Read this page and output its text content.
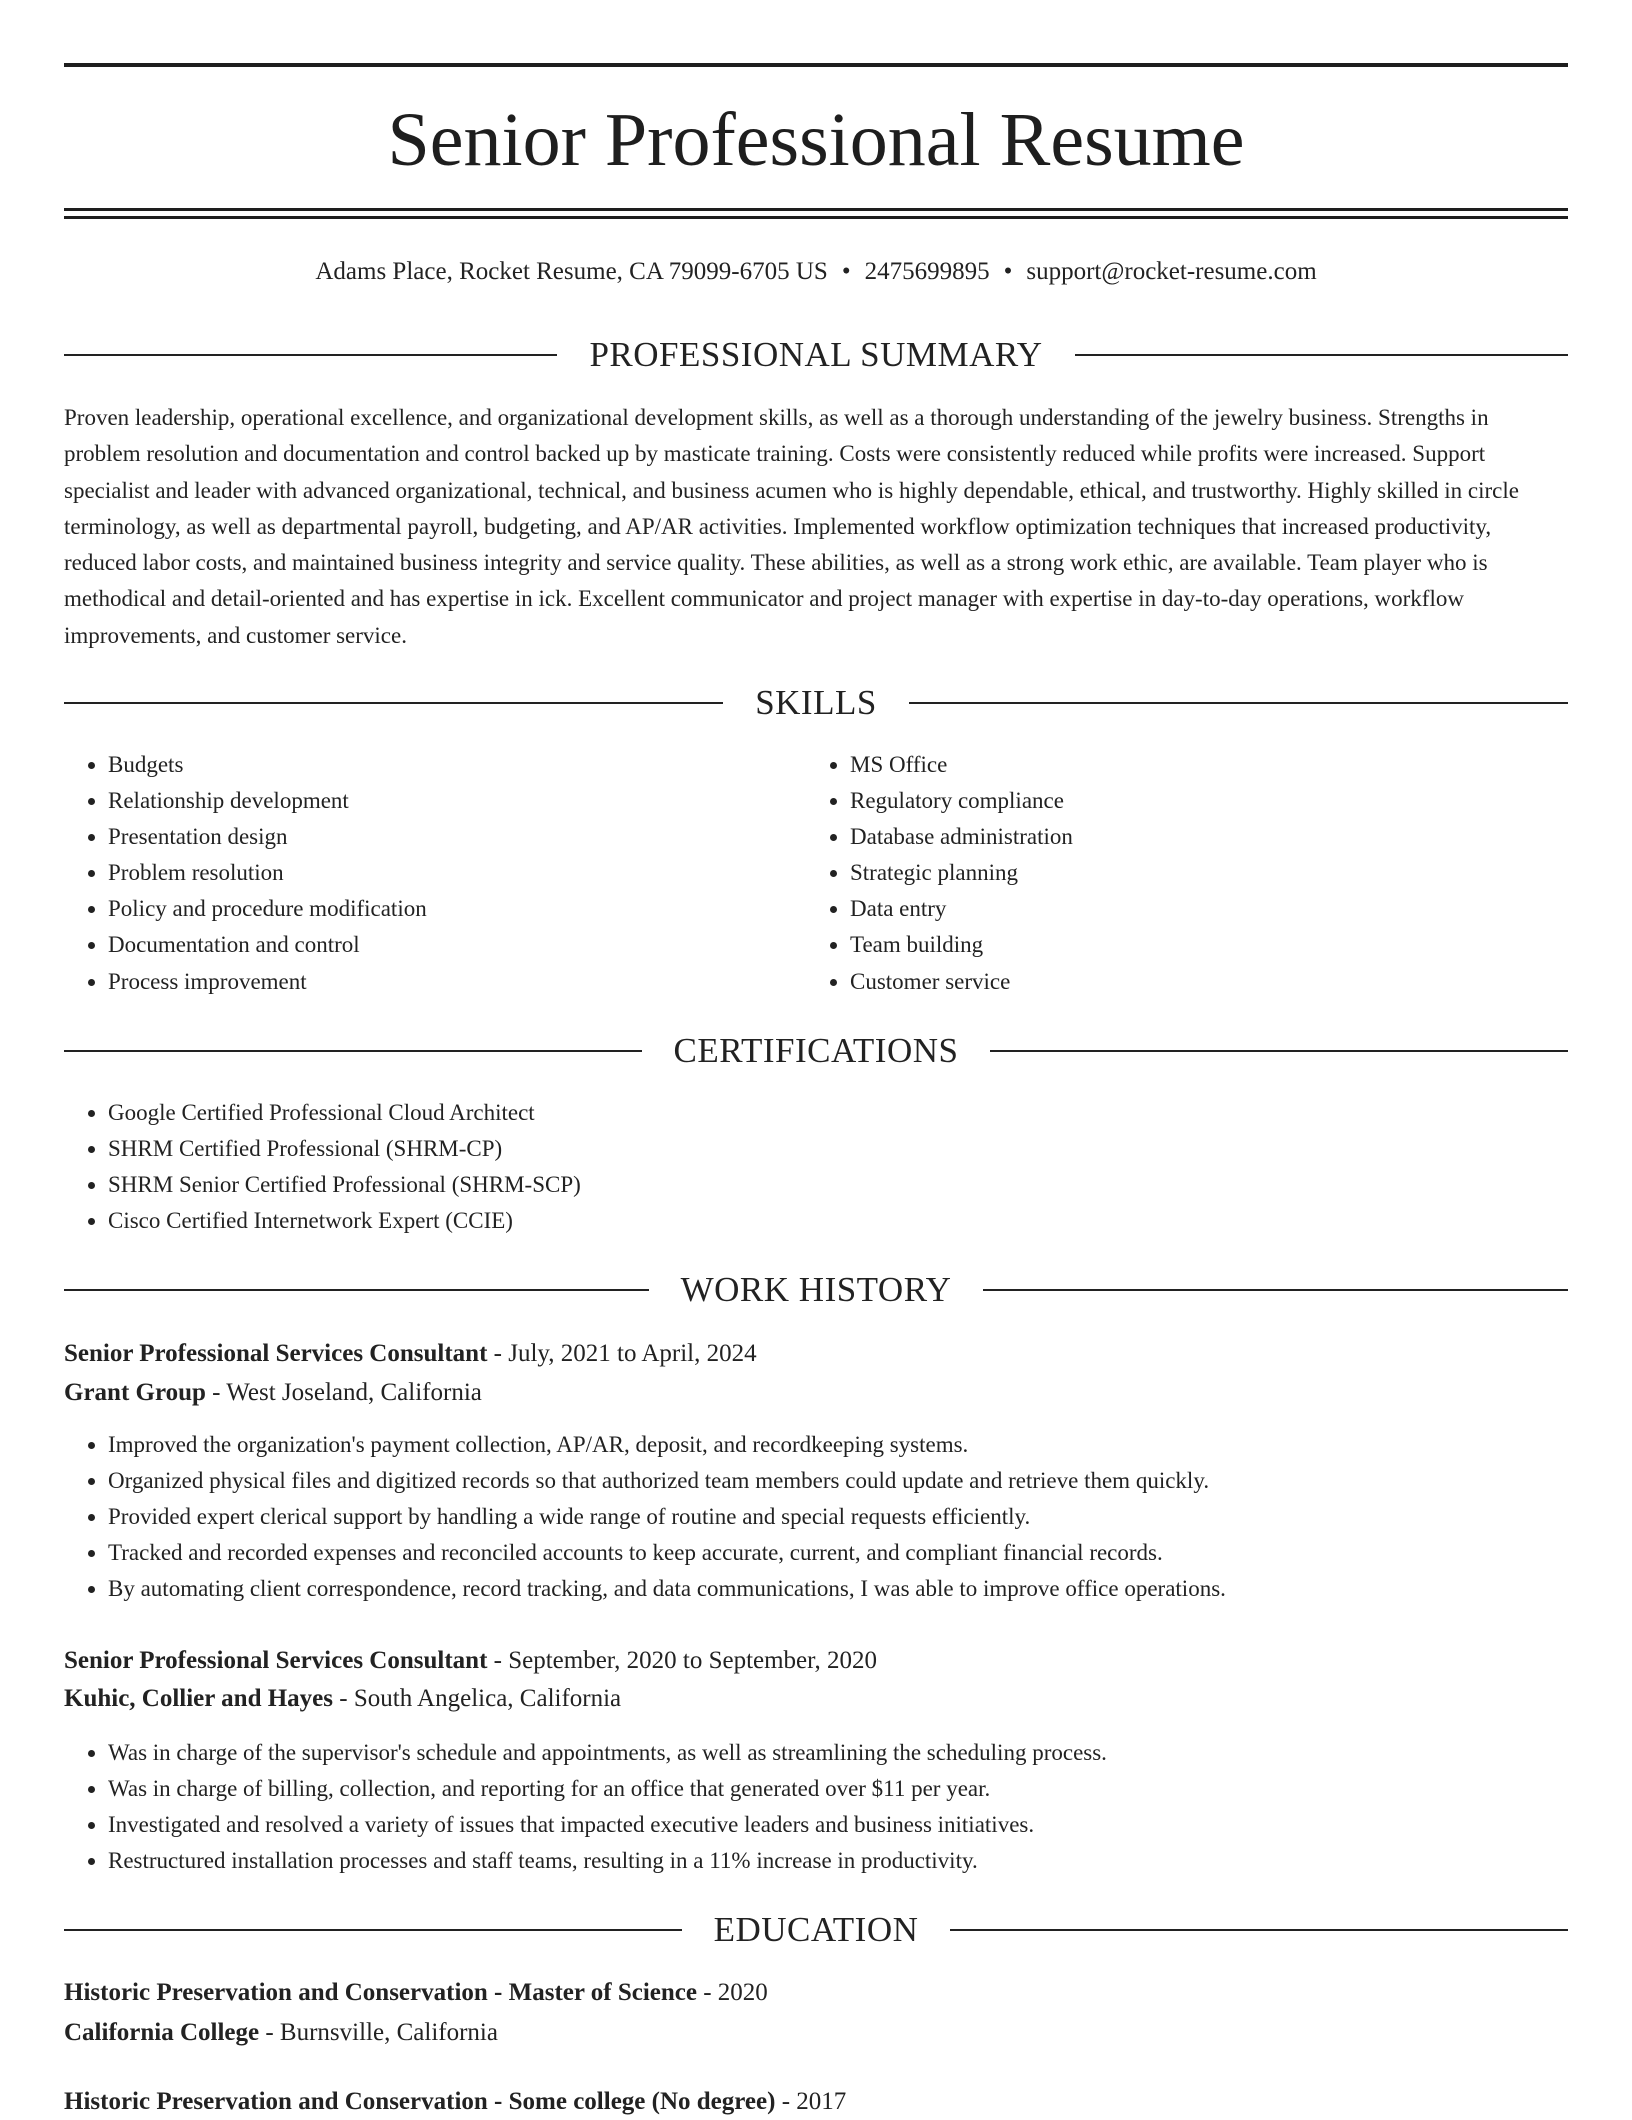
Senior Professional Resume
Adams Place, Rocket Resume, CA 79099-6705 US • 2475699895 • support@rocket-resume.com
PROFESSIONAL SUMMARY

Proven leadership, operational excellence, and organizational development skills, as well as a thorough understanding of the jewelry business. Strengths in problem resolution and documentation and control backed up by masticate training. Costs were consistently reduced while profits were increased. Support specialist and leader with advanced organizational, technical, and business acumen who is highly dependable, ethical, and trustworthy. Highly skilled in circle terminology, as well as departmental payroll, budgeting, and AP/AR activities. Implemented workflow optimization techniques that increased productivity, reduced labor costs, and maintained business integrity and service quality. These abilities, as well as a strong work ethic, are available. Team player who is methodical and detail-oriented and has expertise in ick. Excellent communicator and project manager with expertise in day-to-day operations, workflow improvements, and customer service.

SKILLS
• Budgets
• Relationship development
• Presentation design
• Problem resolution
• Policy and procedure modification
• Documentation and control
• Process improvement
• MS Office
• Regulatory compliance
• Database administration
• Strategic planning
• Data entry
• Team building
• Customer service
CERTIFICATIONS
• Google Certified Professional Cloud Architect
• SHRM Certified Professional (SHRM-CP)
• SHRM Senior Certified Professional (SHRM-SCP)
• Cisco Certified Internetwork Expert (CCIE)
WORK HISTORY
Senior Professional Services Consultant - July, 2021 to April, 2024
Grant Group - West Joseland, California
• Improved the organization's payment collection, AP/AR, deposit, and recordkeeping systems.
• Organized physical files and digitized records so that authorized team members could update and retrieve them quickly.
• Provided expert clerical support by handling a wide range of routine and special requests efficiently.
• Tracked and recorded expenses and reconciled accounts to keep accurate, current, and compliant financial records.
• By automating client correspondence, record tracking, and data communications, I was able to improve office operations.
Senior Professional Services Consultant - September, 2020 to September, 2020
Kuhic, Collier and Hayes - South Angelica, California
• Was in charge of the supervisor's schedule and appointments, as well as streamlining the scheduling process.
• Was in charge of billing, collection, and reporting for an office that generated over $11 per year.
• Investigated and resolved a variety of issues that impacted executive leaders and business initiatives.
• Restructured installation processes and staff teams, resulting in a 11% increase in productivity.
EDUCATION
Historic Preservation and Conservation - Master of Science - 2020
California College - Burnsville, California
Historic Preservation and Conservation - Some college (No degree) - 2017
